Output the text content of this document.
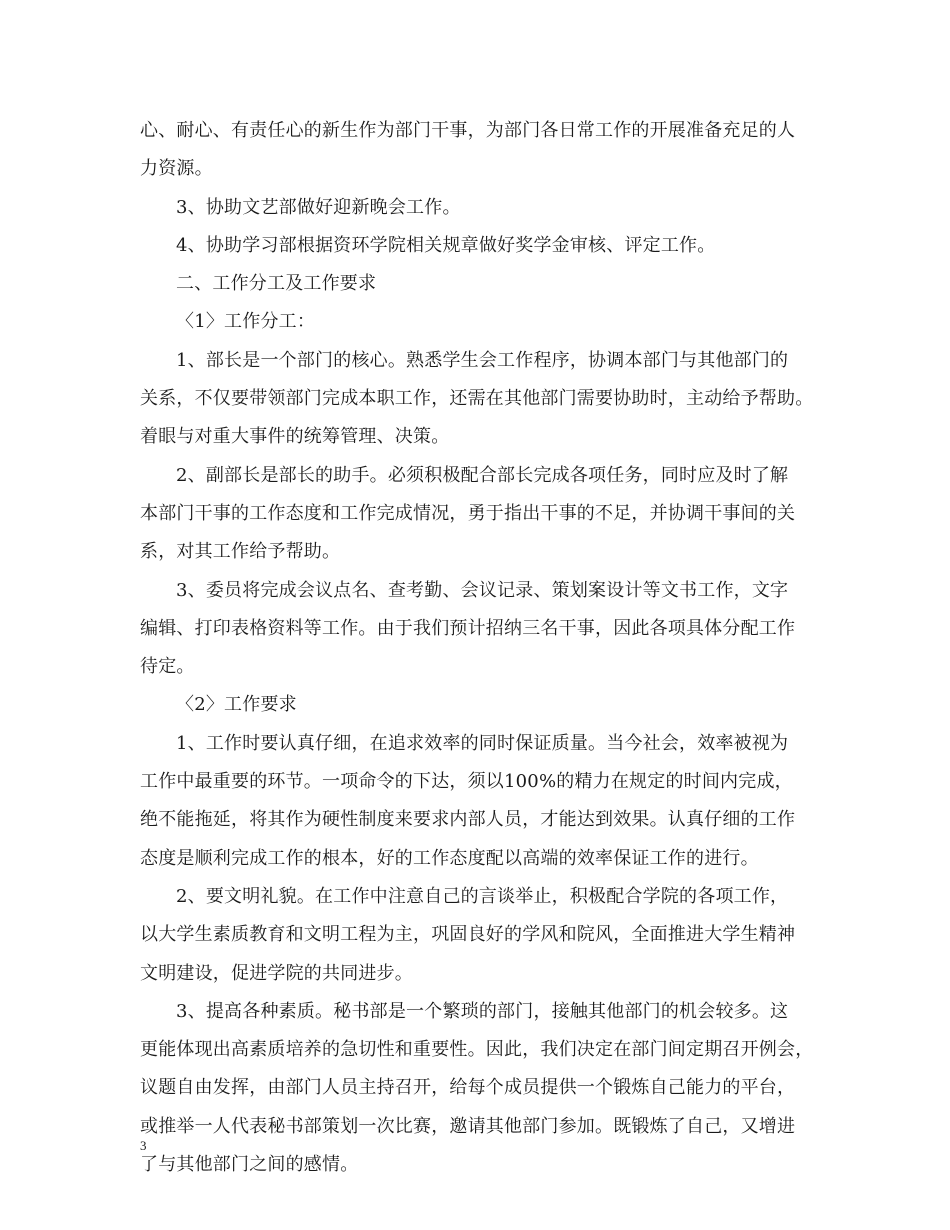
心、耐心、有责任心的新生作为部门干事，为部门各日常工作的开展准备充足的人
力资源。
3、协助文艺部做好迎新晚会工作。
4、协助学习部根据资环学院相关规章做好奖学金审核、评定工作。
二、工作分工及工作要求
〈1〉工作分工：
1、部长是一个部门的核心。熟悉学生会工作程序，协调本部门与其他部门的
关系，不仅要带领部门完成本职工作，还需在其他部门需要协助时，主动给予帮助。
着眼与对重大事件的统筹管理、决策。
2、副部长是部长的助手。必须积极配合部长完成各项任务，同时应及时了解
本部门干事的工作态度和工作完成情况，勇于指出干事的不足，并协调干事间的关
系，对其工作给予帮助。
3、委员将完成会议点名、查考勤、会议记录、策划案设计等文书工作，文字
编辑、打印表格资料等工作。由于我们预计招纳三名干事，因此各项具体分配工作
待定。
〈2〉工作要求
1、工作时要认真仔细，在追求效率的同时保证质量。当今社会，效率被视为
工作中最重要的环节。一项命令的下达，须以100%的精力在规定的时间内完成，
绝不能拖延，将其作为硬性制度来要求内部人员，才能达到效果。认真仔细的工作
态度是顺利完成工作的根本，好的工作态度配以高端的效率保证工作的进行。
2、要文明礼貌。在工作中注意自己的言谈举止，积极配合学院的各项工作，
以大学生素质教育和文明工程为主，巩固良好的学风和院风，全面推进大学生精神
文明建设，促进学院的共同进步。
3、提高各种素质。秘书部是一个繁琐的部门，接触其他部门的机会较多。这
更能体现出高素质培养的急切性和重要性。因此，我们决定在部门间定期召开例会，
议题自由发挥，由部门人员主持召开，给每个成员提供一个锻炼自己能力的平台，
或推举一人代表秘书部策划一次比赛，邀请其他部门参加。既锻炼了自己，又增进
了与其他部门之间的感情。
3
